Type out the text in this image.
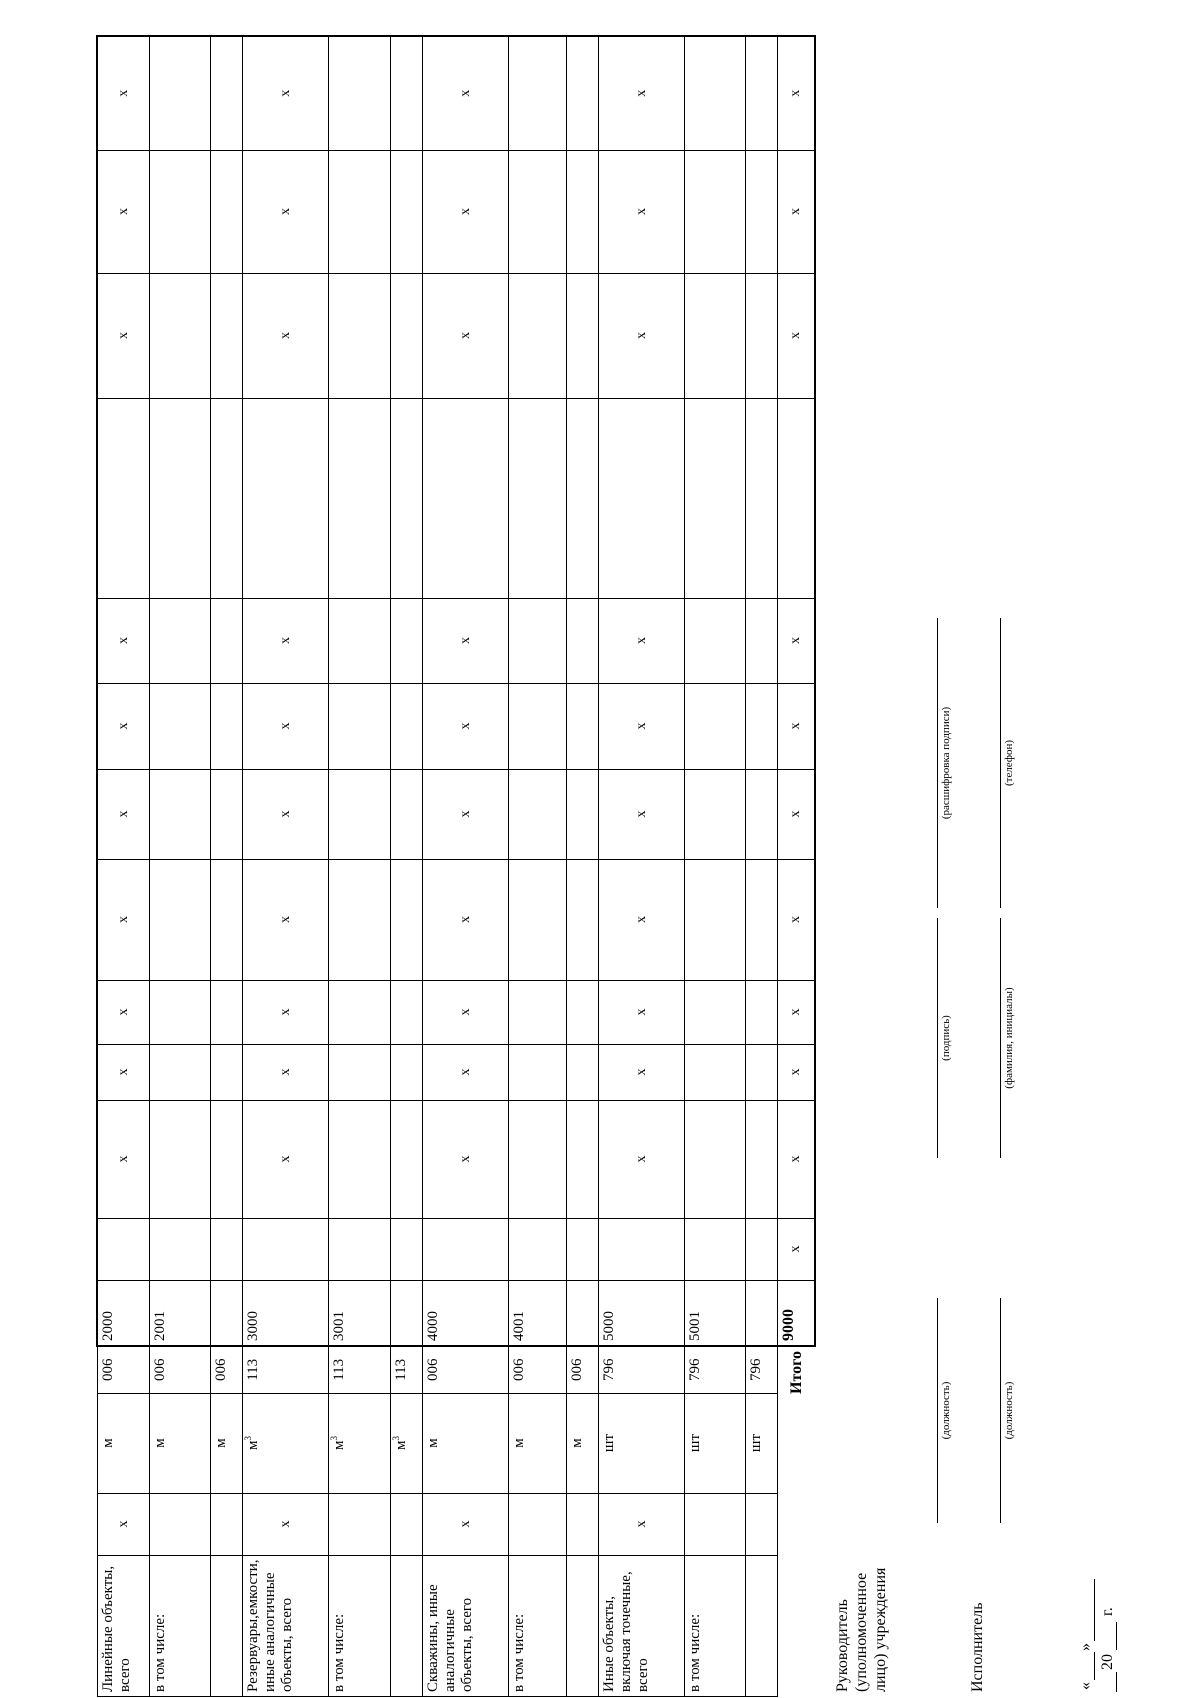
Линейные объекты, всего	x	м	006	2000		x	x	x	x	x	x	x		x	x	x
в том числе:		м	006	2001												
		м	006													
Резервуары,емкости, иные аналогичные объекты, всего	x	$м^3$	113	3000		x	x	x	x	x	x	x		x	x	x
в том числе:		$м^3$	113	3001												
		$м^3$	113													
Скважины, иные аналогичные объекты, всего	x	м	006	4000		x	x	x	x	x	x	x		x	x	x
в том числе:		м	006	4001												
		м	006													
Иные объекты, включая точечные, всего	x	шт	796	5000		x	x	x	x	x	x	x		x	x	x
в том числе:		шт	796	5001												
		шт	796													
Итого				9000	x	x	x	x	x	x	x	x		x	x	x
Руководитель (уполномоченное лицо) учреждения
(должность)
(подпись)
(расшифровка подписи)
Исполнитель
(должность)
(фамилия, инициалы)
(телефон)
«
»
20
г.
